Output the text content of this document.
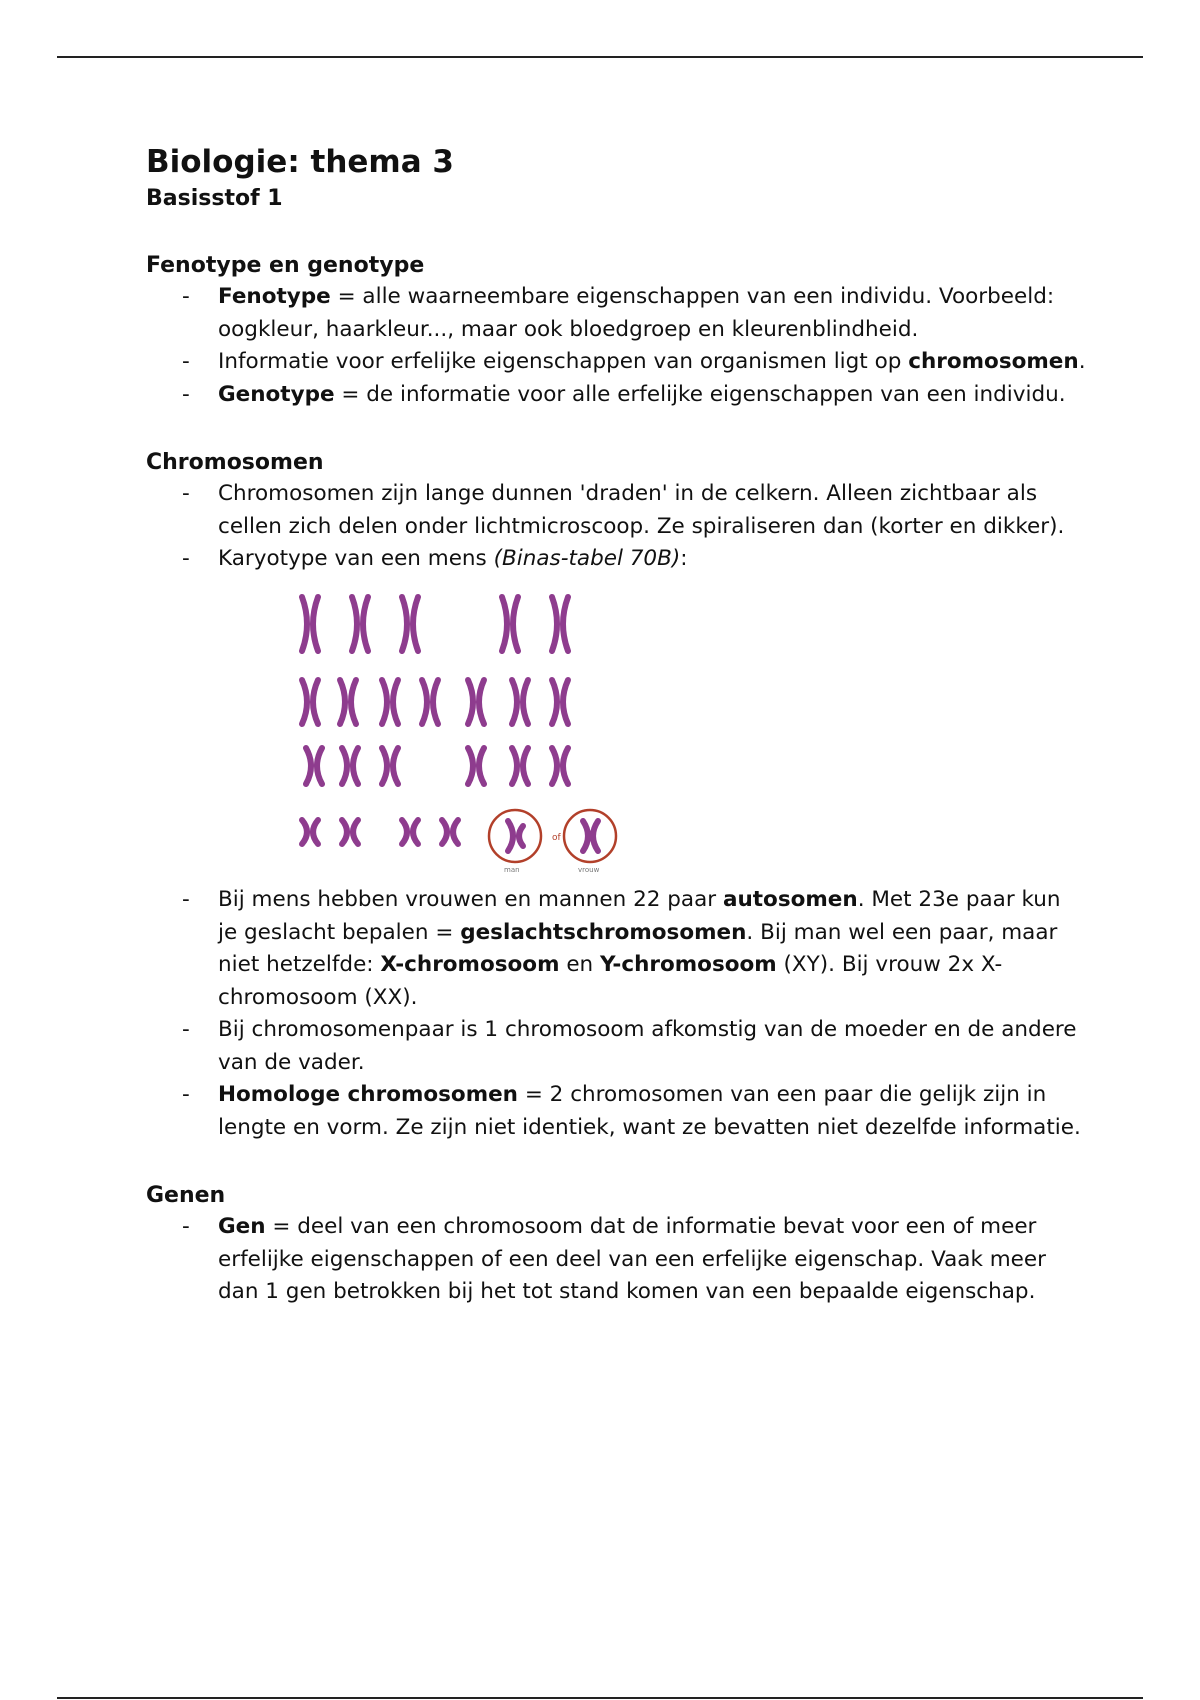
Biologie: thema 3
Basisstof 1
Fenotype en genotype
- Fenotype = alle waarneembare eigenschappen van een individu. Voorbeeld: oogkleur, haarkleur..., maar ook bloedgroep en kleurenblindheid.
- Informatie voor erfelijke eigenschappen van organismen ligt op chromosomen.
- Genotype = de informatie voor alle erfelijke eigenschappen van een individu.
Chromosomen
- Chromosomen zijn lange dunnen 'draden' in de celkern. Alleen zichtbaar als cellen zich delen onder lichtmicroscoop. Ze spiraliseren dan (korter en dikker).
- Karyotype van een mens (Binas-tabel 70B):
of
man	vrouw
- Bij mens hebben vrouwen en mannen 22 paar autosomen. Met 23e paar kun je geslacht bepalen = geslachtschromosomen. Bij man wel een paar, maar niet hetzelfde: X-chromosoom en Y-chromosoom (XY). Bij vrouw 2x X-chromosoom (XX).
- Bij chromosomenpaar is 1 chromosoom afkomstig van de moeder en de andere van de vader.
- Homologe chromosomen = 2 chromosomen van een paar die gelijk zijn in lengte en vorm. Ze zijn niet identiek, want ze bevatten niet dezelfde informatie.
Genen
- Gen = deel van een chromosoom dat de informatie bevat voor een of meer erfelijke eigenschappen of een deel van een erfelijke eigenschap. Vaak meer dan 1 gen betrokken bij het tot stand komen van een bepaalde eigenschap.
